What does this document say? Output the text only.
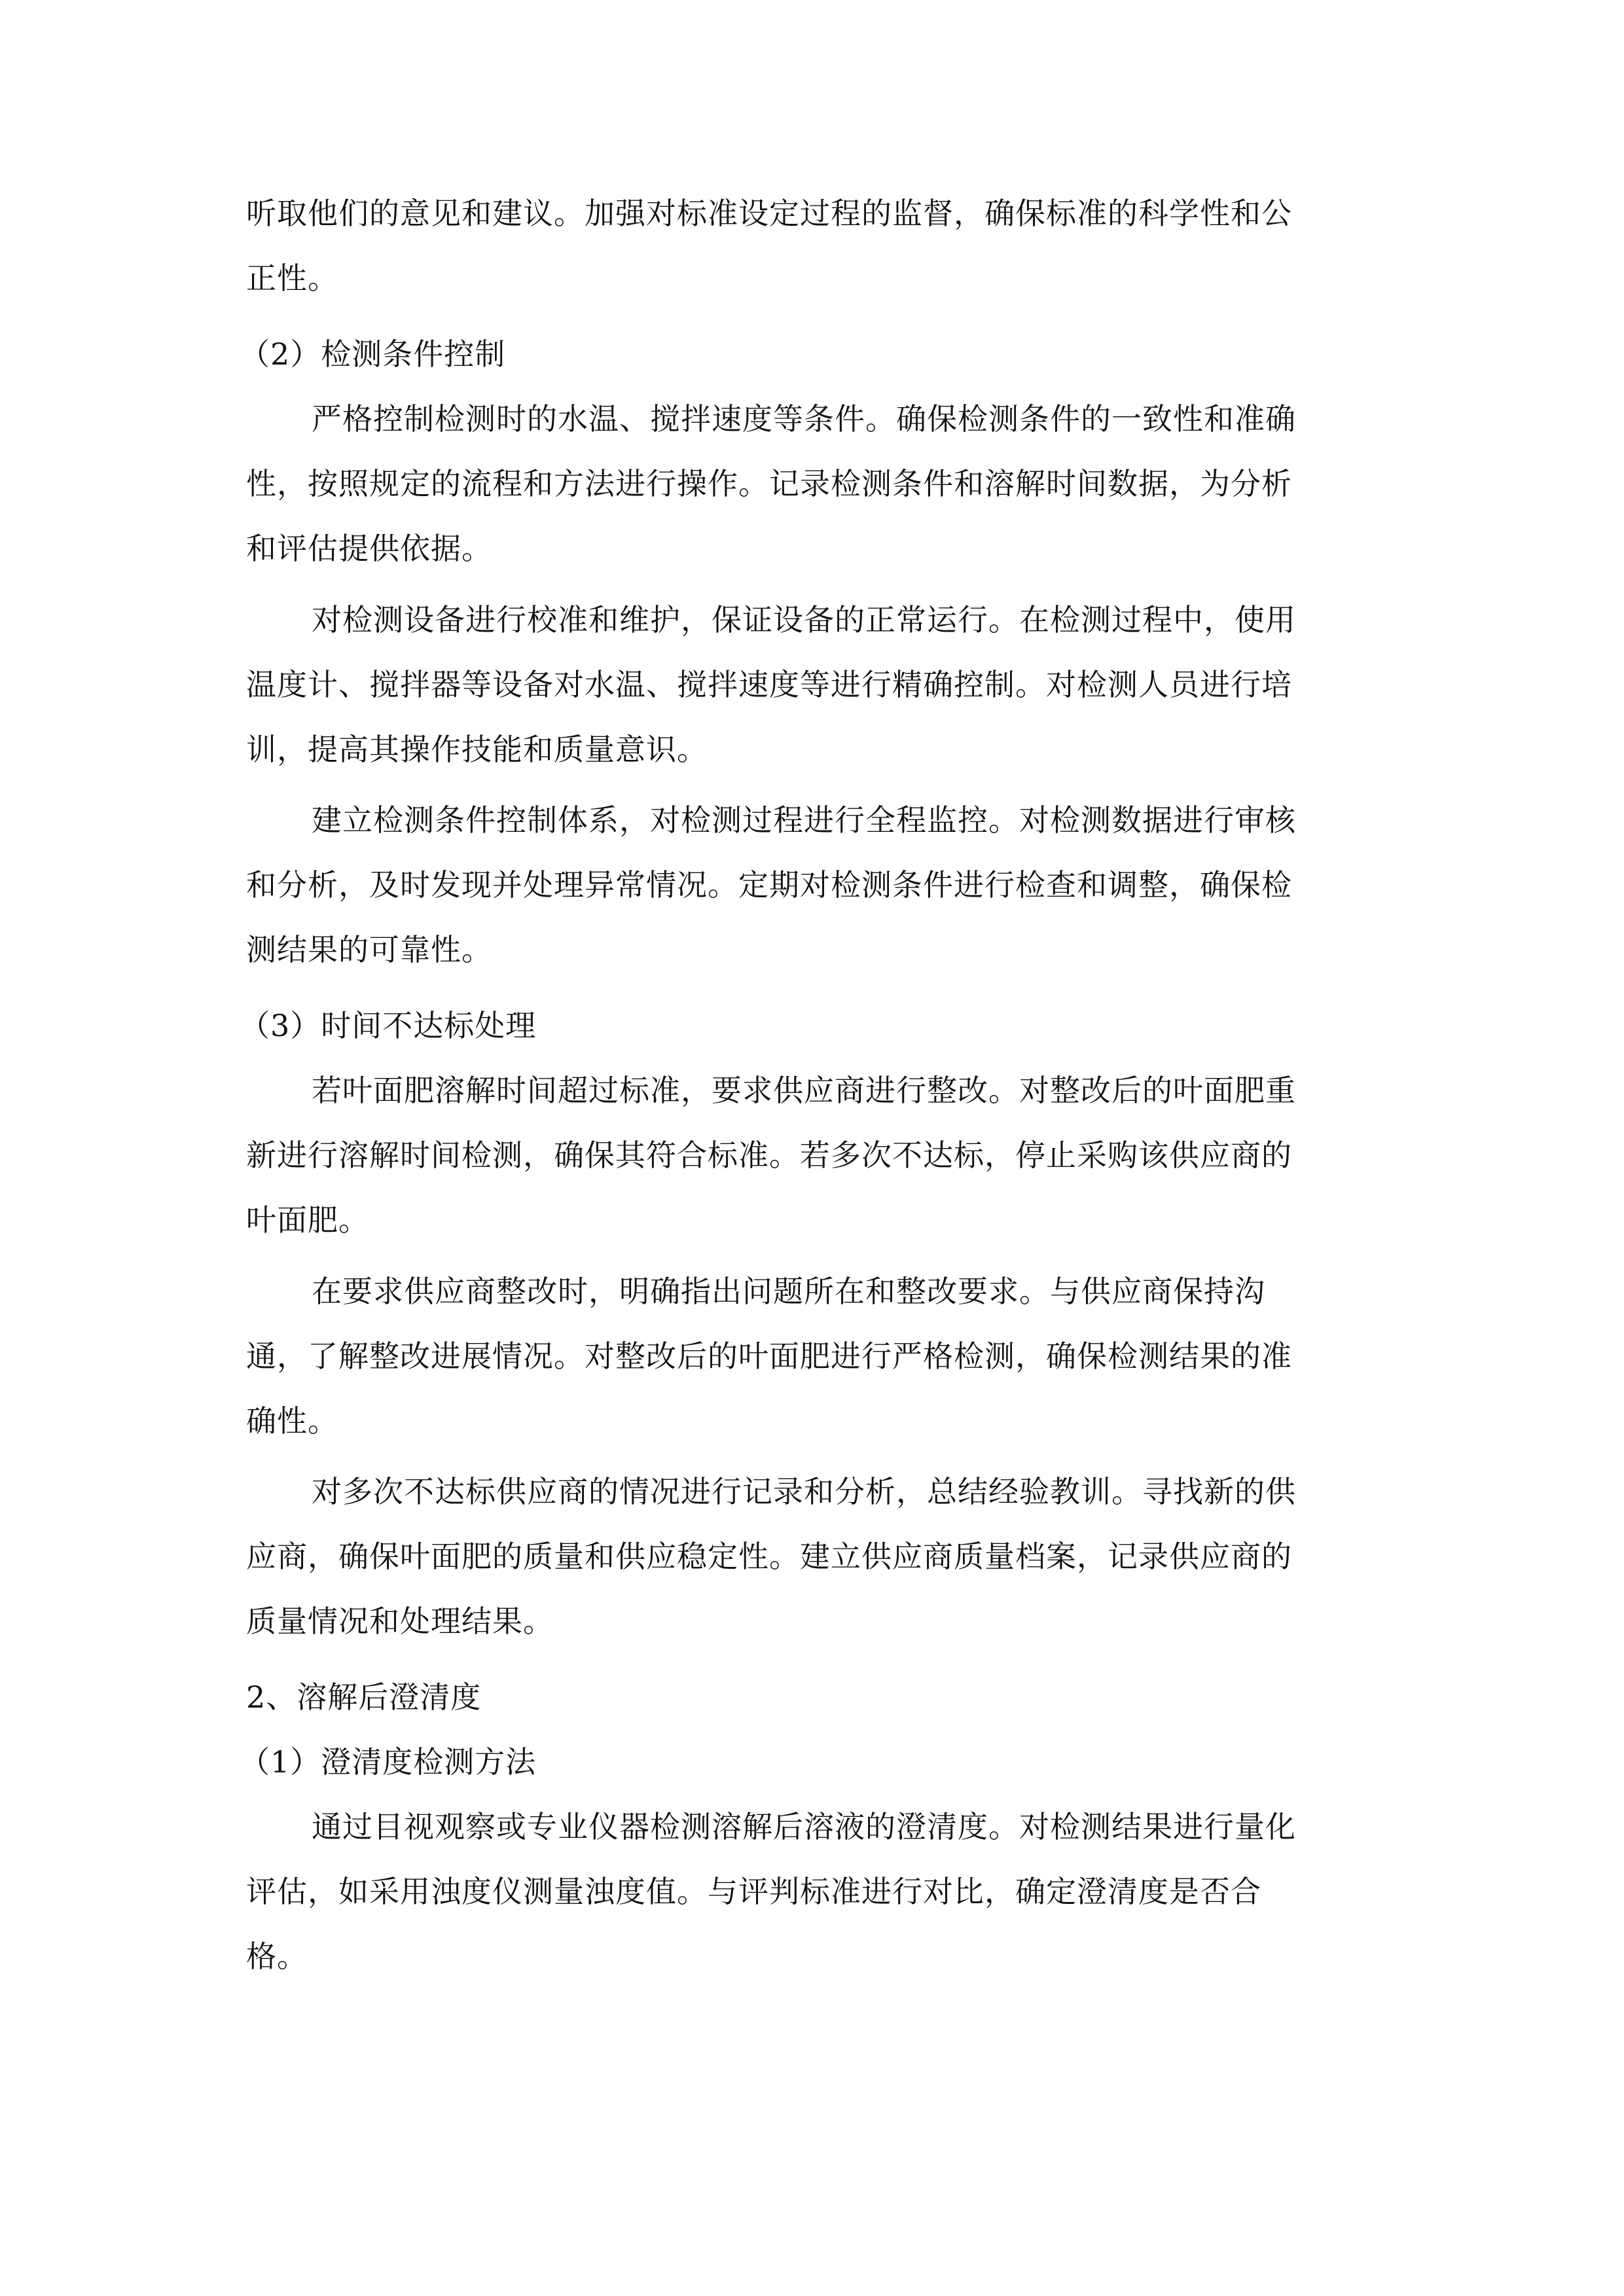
听取他们的意见和建议。加强对标准设定过程的监督，确保标准的科学性和公
正性。
（2）检测条件控制
严格控制检测时的水温、搅拌速度等条件。确保检测条件的一致性和准确
性，按照规定的流程和方法进行操作。记录检测条件和溶解时间数据，为分析
和评估提供依据。
对检测设备进行校准和维护，保证设备的正常运行。在检测过程中，使用
温度计、搅拌器等设备对水温、搅拌速度等进行精确控制。对检测人员进行培
训，提高其操作技能和质量意识。
建立检测条件控制体系，对检测过程进行全程监控。对检测数据进行审核
和分析，及时发现并处理异常情况。定期对检测条件进行检查和调整，确保检
测结果的可靠性。
（3）时间不达标处理
若叶面肥溶解时间超过标准，要求供应商进行整改。对整改后的叶面肥重
新进行溶解时间检测，确保其符合标准。若多次不达标，停止采购该供应商的
叶面肥。
在要求供应商整改时，明确指出问题所在和整改要求。与供应商保持沟
通，了解整改进展情况。对整改后的叶面肥进行严格检测，确保检测结果的准
确性。
对多次不达标供应商的情况进行记录和分析，总结经验教训。寻找新的供
应商，确保叶面肥的质量和供应稳定性。建立供应商质量档案，记录供应商的
质量情况和处理结果。
2、溶解后澄清度
（1）澄清度检测方法
通过目视观察或专业仪器检测溶解后溶液的澄清度。对检测结果进行量化
评估，如采用浊度仪测量浊度值。与评判标准进行对比，确定澄清度是否合
格。
